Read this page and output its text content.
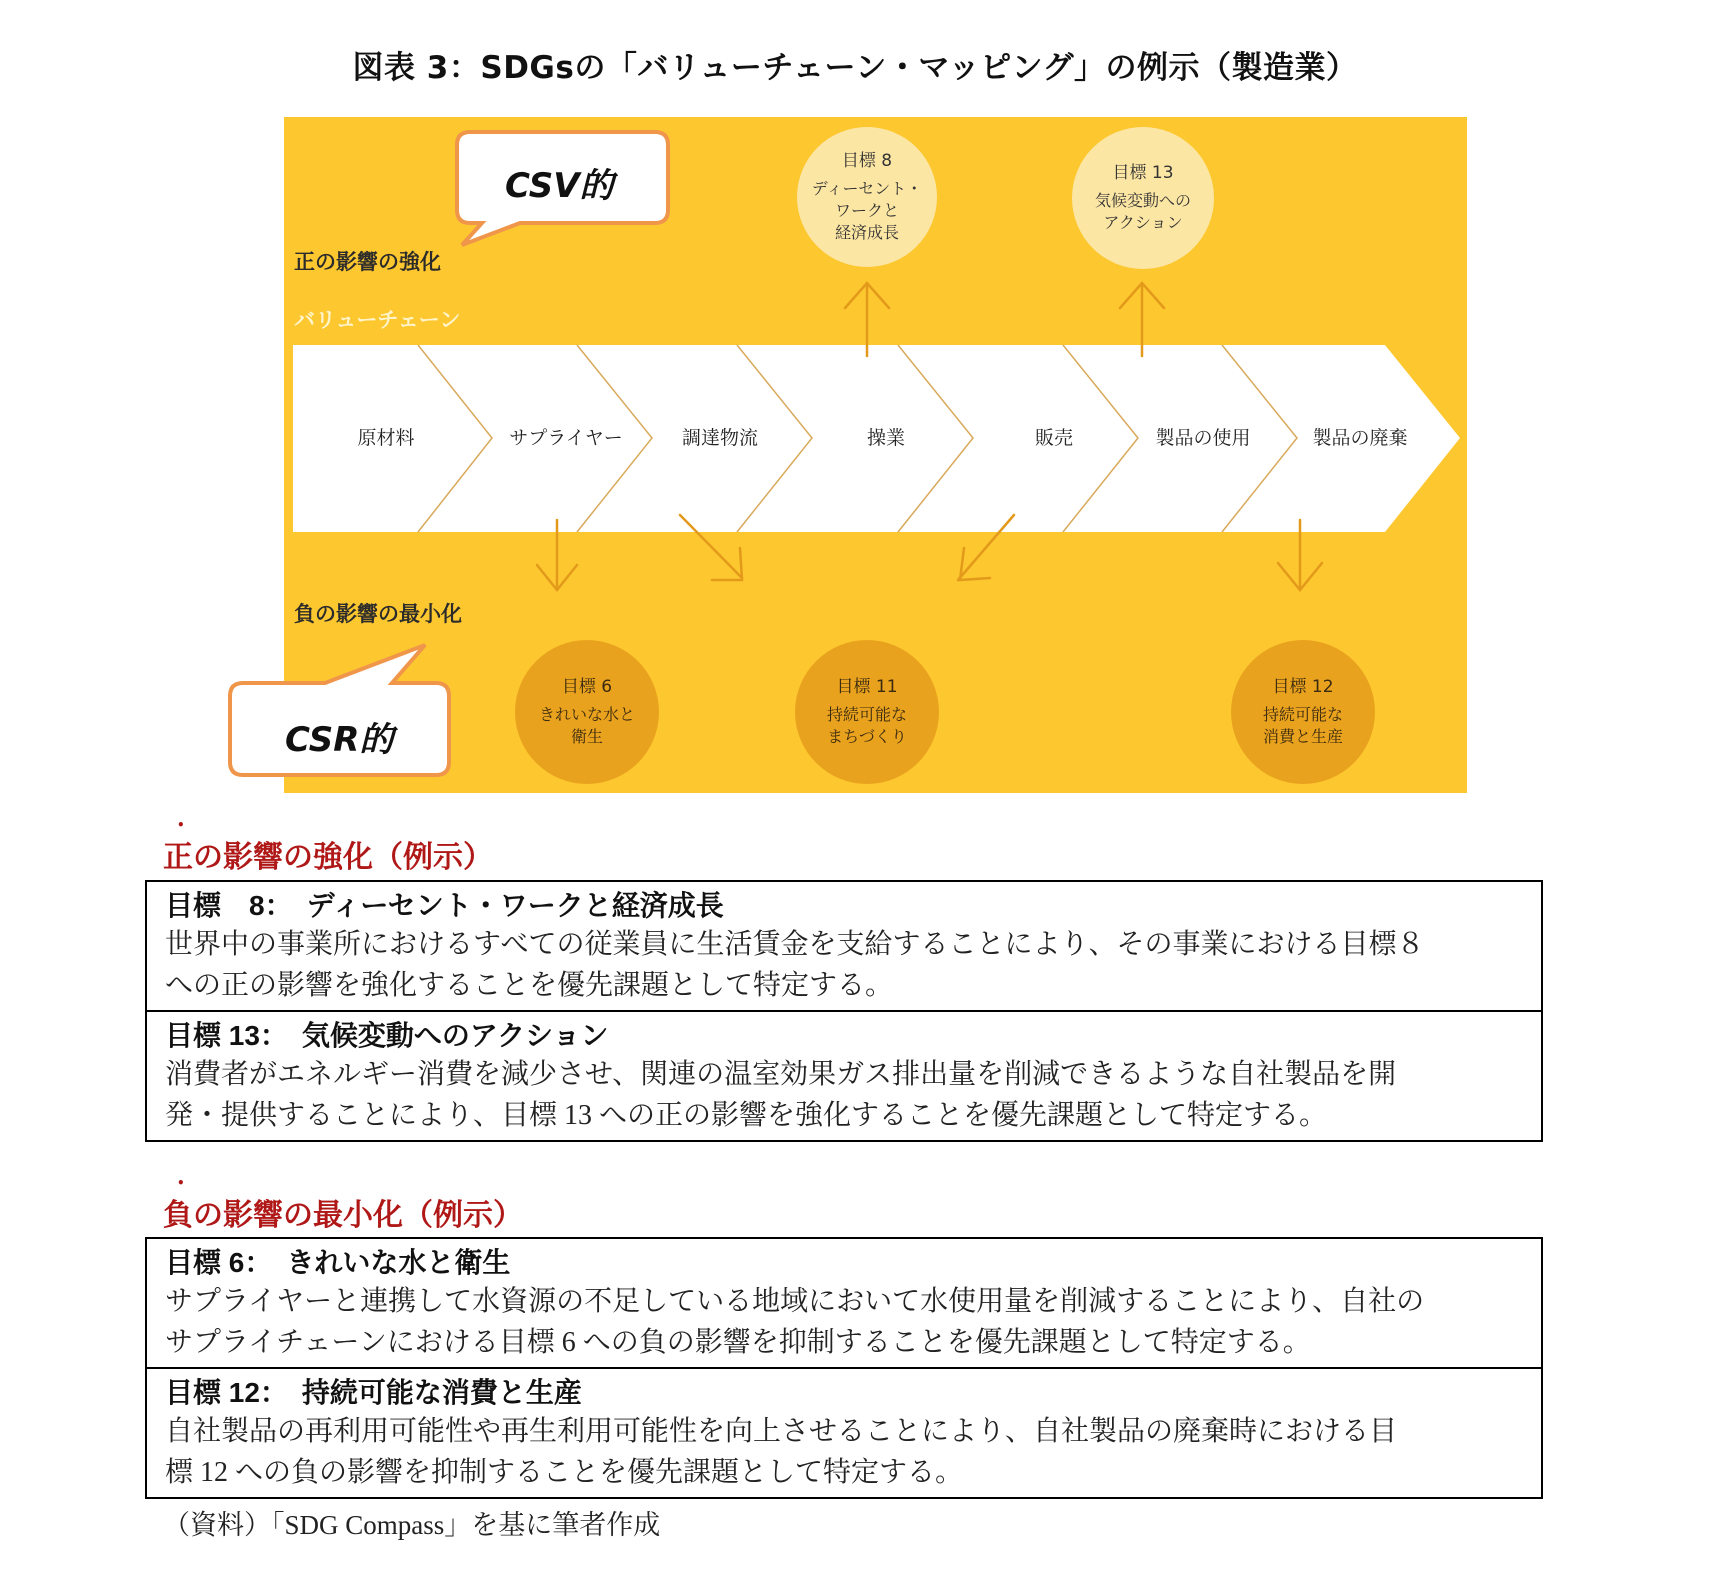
図表 3：SDGsの「バリューチェーン・マッピング」の例示（製造業）
CSV的
CSR的
正の影響の強化
バリューチェーン
負の影響の最小化
原材料	サプライヤー	調達物流	操業	販売	製品の使用	製品の廃棄
目標 8
ディーセント・
ワークと
経済成長
目標 13
気候変動への
アクション
目標 6
きれいな水と
衛生
目標 11
持続可能な
まちづくり
目標 12
持続可能な
消費と生産
•
正の影響の強化（例示）
目標　8：　ディーセント・ワークと経済成長
世界中の事業所におけるすべての従業員に生活賃金を支給することにより、その事業における目標８
への正の影響を強化することを優先課題として特定する。
目標 13：　気候変動へのアクション
消費者がエネルギー消費を減少させ、関連の温室効果ガス排出量を削減できるような自社製品を開
発・提供することにより、目標 13 への正の影響を強化することを優先課題として特定する。
•
負の影響の最小化（例示）
目標 6：　きれいな水と衛生
サプライヤーと連携して水資源の不足している地域において水使用量を削減することにより、自社の
サプライチェーンにおける目標 6 への負の影響を抑制することを優先課題として特定する。
目標 12：　持続可能な消費と生産
自社製品の再利用可能性や再生利用可能性を向上させることにより、自社製品の廃棄時における目
標 12 への負の影響を抑制することを優先課題として特定する。
（資料）「SDG Compass」を基に筆者作成
